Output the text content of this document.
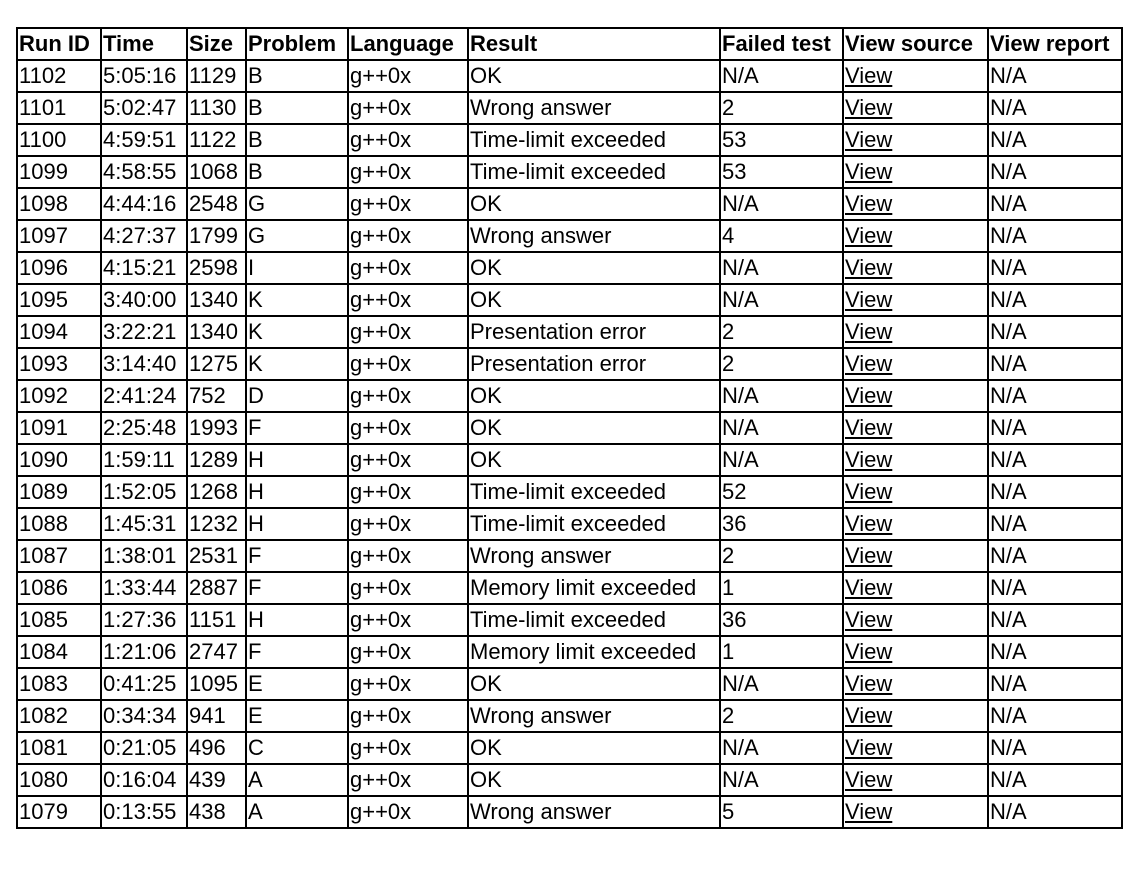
Run ID	Time	Size	Problem	Language	Result	Failed test	View source	View report
1102	5:05:16	1129	B	g++0x	OK	N/A	View	N/A
1101	5:02:47	1130	B	g++0x	Wrong answer	2	View	N/A
1100	4:59:51	1122	B	g++0x	Time-limit exceeded	53	View	N/A
1099	4:58:55	1068	B	g++0x	Time-limit exceeded	53	View	N/A
1098	4:44:16	2548	G	g++0x	OK	N/A	View	N/A
1097	4:27:37	1799	G	g++0x	Wrong answer	4	View	N/A
1096	4:15:21	2598	I	g++0x	OK	N/A	View	N/A
1095	3:40:00	1340	K	g++0x	OK	N/A	View	N/A
1094	3:22:21	1340	K	g++0x	Presentation error	2	View	N/A
1093	3:14:40	1275	K	g++0x	Presentation error	2	View	N/A
1092	2:41:24	752	D	g++0x	OK	N/A	View	N/A
1091	2:25:48	1993	F	g++0x	OK	N/A	View	N/A
1090	1:59:11	1289	H	g++0x	OK	N/A	View	N/A
1089	1:52:05	1268	H	g++0x	Time-limit exceeded	52	View	N/A
1088	1:45:31	1232	H	g++0x	Time-limit exceeded	36	View	N/A
1087	1:38:01	2531	F	g++0x	Wrong answer	2	View	N/A
1086	1:33:44	2887	F	g++0x	Memory limit exceeded	1	View	N/A
1085	1:27:36	1151	H	g++0x	Time-limit exceeded	36	View	N/A
1084	1:21:06	2747	F	g++0x	Memory limit exceeded	1	View	N/A
1083	0:41:25	1095	E	g++0x	OK	N/A	View	N/A
1082	0:34:34	941	E	g++0x	Wrong answer	2	View	N/A
1081	0:21:05	496	C	g++0x	OK	N/A	View	N/A
1080	0:16:04	439	A	g++0x	OK	N/A	View	N/A
1079	0:13:55	438	A	g++0x	Wrong answer	5	View	N/A
